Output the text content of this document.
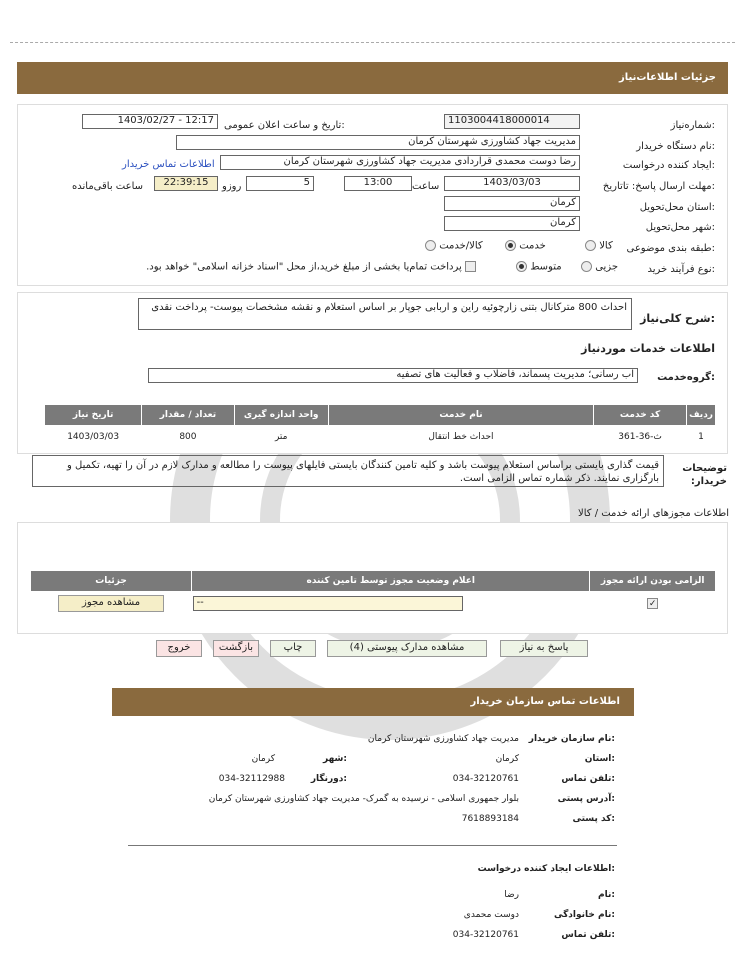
جزئیات اطلاعات‌نیاز
شماره‌نیاز:
1103004418000014
تاریخ و ساعت اعلان عمومی:
1403/02/27 - 12:17
نام دستگاه خریدار:
مدیریت جهاد کشاورزی شهرستان کرمان
ایجاد کننده درخواست:
رضا دوست محمدی قراردادی مدیریت جهاد کشاورزی شهرستان کرمان
اطلاعات تماس خریدار
مهلت ارسال پاسخ: تاتاریخ:
1403/03/03
ساعت
13:00
5
روزو
22:39:15
ساعت باقی‌مانده
استان محل‌تحویل:
کرمان
شهر محل‌تحویل:
کرمان
طبقه بندی موضوعی:
کالا
خدمت
کالا/خدمت
نوع فرآیند خرید:
جزیی
متوسط
پرداخت تمام‌یا بخشی از مبلغ خرید،از محل "اسناد خزانه اسلامی" خواهد بود.
شرح کلی‌نیاز:
احداث 800 مترکانال بتنی زارچوئیه راین و اربابی جوپار بر اساس استعلام و نقشه مشخصات پیوست- پرداخت نقدی
اطلاعات خدمات موردنیاز
گروه‌خدمت:
آب رسانی؛ مدیریت پسماند، فاضلاب و فعالیت های تصفیه
ردیف	کد خدمت	نام خدمت	واحد اندازه گیری	تعداد / مقدار	تاریخ نیاز
1	ث-36-361	احداث خط انتقال	متر	800	1403/03/03
توضیحات خریدار:
قیمت گذاری بایستی براساس استعلام پیوست باشد و کلیه تامین کنندگان بایستی فایلهای پیوست را مطالعه و مدارک لازم در آن را تهیه، تکمیل و بارگزاری نمایند. ذکر شماره تماس الزامی است.
اطلاعات مجوزهای ارائه خدمت / کالا
الزامی بودن ارائه مجوز	اعلام وضعیت مجوز توسط تامین کننده	جزئیات
✓	--	مشاهده مجوز
پاسخ به نیاز
مشاهده مدارک پیوستی (4)
چاپ
بازگشت
خروج
اطلاعات تماس سازمان خریدار
نام سازمان خریدار:
مدیریت جهاد کشاورزی شهرستان کرمان
استان:
کرمان
شهر:
کرمان
تلفن تماس:
034-32120761
دورنگار:
034-32112988
آدرس پستی:
بلوار جمهوری اسلامی - نرسیده به گمرک- مدیریت جهاد کشاورزی شهرستان کرمان
کد پستی:
7618893184
اطلاعات ایجاد کننده درخواست:
نام:
رضا
نام خانوادگی:
دوست محمدی
تلفن تماس:
034-32120761
